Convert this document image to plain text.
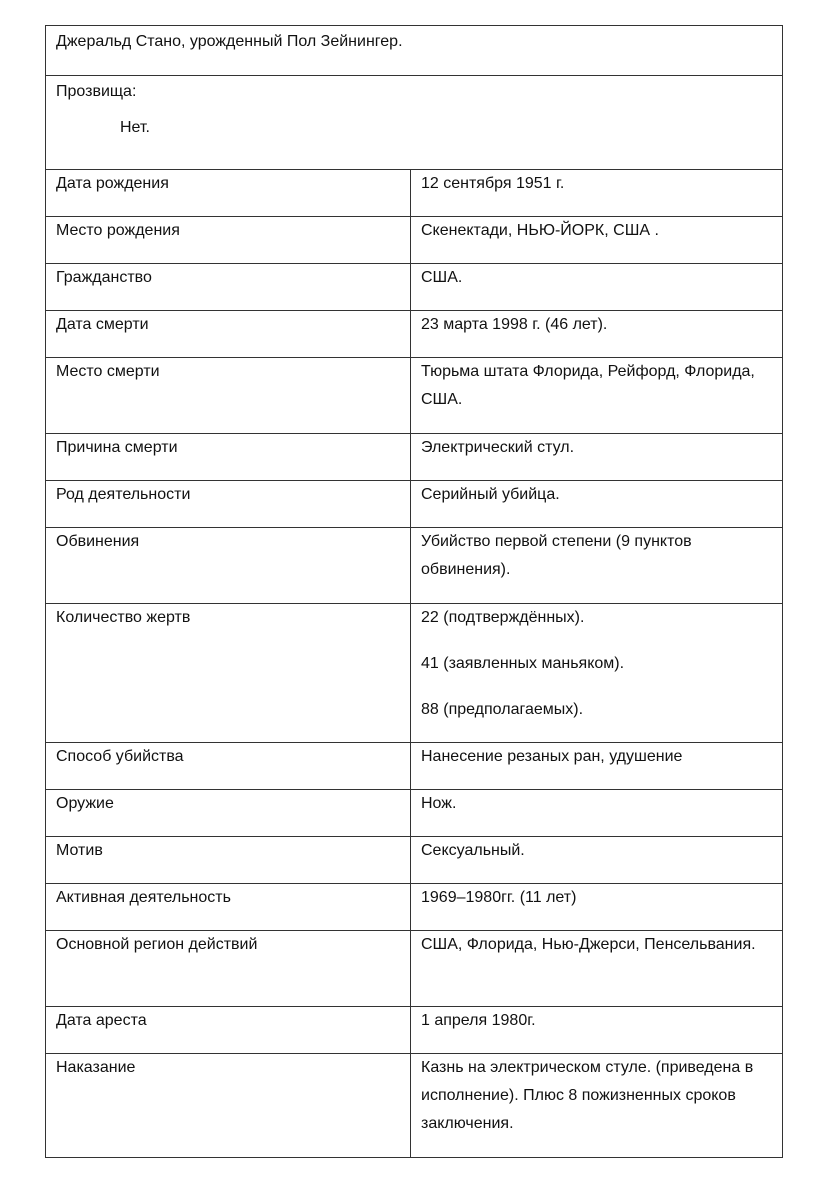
Джеральд Стано, урожденный Пол Зейнингер.	

Прозвища:
Нет.	

Дата рождения	12 сентября 1951 г.
Место рождения	Скенектади, НЬЮ-ЙОРК, США .
Гражданство	США.
Дата смерти	23 марта 1998 г. (46 лет).
Место смерти	Тюрьма штата Флорида, Рейфорд, Флорида, США.
Причина смерти	Электрический стул.
Род деятельности	Серийный убийца.
Обвинения	Убийство первой степени (9 пунктов обвинения).
Количество жертв	22 (подтверждённых).
41 (заявленных маньяком).
88 (предполагаемых).

Способ убийства	Нанесение резаных ран, удушение
Оружие	Нож.
Мотив	Сексуальный.
Активная деятельность	1969–1980гг. (11 лет)
Основной регион действий	США, Флорида, Нью-Джерси, Пенсельвания.
Дата ареста	1 апреля 1980г.
Наказание	Казнь на электрическом стуле. (приведена в исполнение). Плюс 8 пожизненных сроков заключения.
